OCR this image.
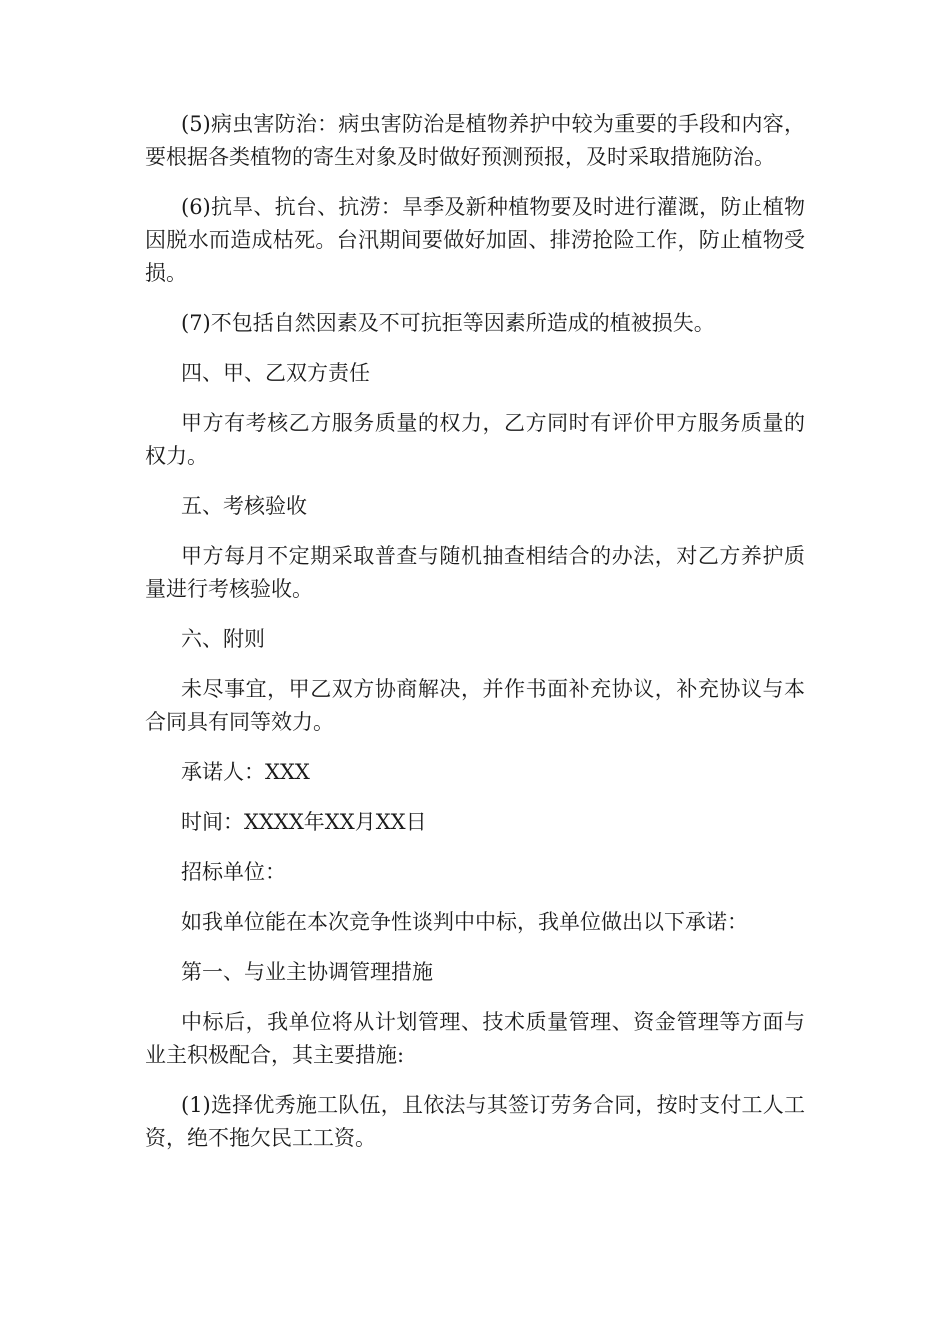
(5)病虫害防治：病虫害防治是植物养护中较为重要的手段和内容，要根据各类植物的寄生对象及时做好预测预报，及时采取措施防治。

(6)抗旱、抗台、抗涝：旱季及新种植物要及时进行灌溉，防止植物因脱水而造成枯死。台汛期间要做好加固、排涝抢险工作，防止植物受损。

(7)不包括自然因素及不可抗拒等因素所造成的植被损失。

四、甲、乙双方责任

甲方有考核乙方服务质量的权力，乙方同时有评价甲方服务质量的权力。

五、考核验收

甲方每月不定期采取普查与随机抽查相结合的办法，对乙方养护质量进行考核验收。

六、附则

未尽事宜，甲乙双方协商解决，并作书面补充协议，补充协议与本合同具有同等效力。

承诺人：XXX

时间：XXXX年XX月XX日

招标单位：

如我单位能在本次竞争性谈判中中标，我单位做出以下承诺：

第一、与业主协调管理措施

中标后，我单位将从计划管理、技术质量管理、资金管理等方面与业主积极配合，其主要措施:

(1)选择优秀施工队伍，且依法与其签订劳务合同，按时支付工人工资，绝不拖欠民工工资。
